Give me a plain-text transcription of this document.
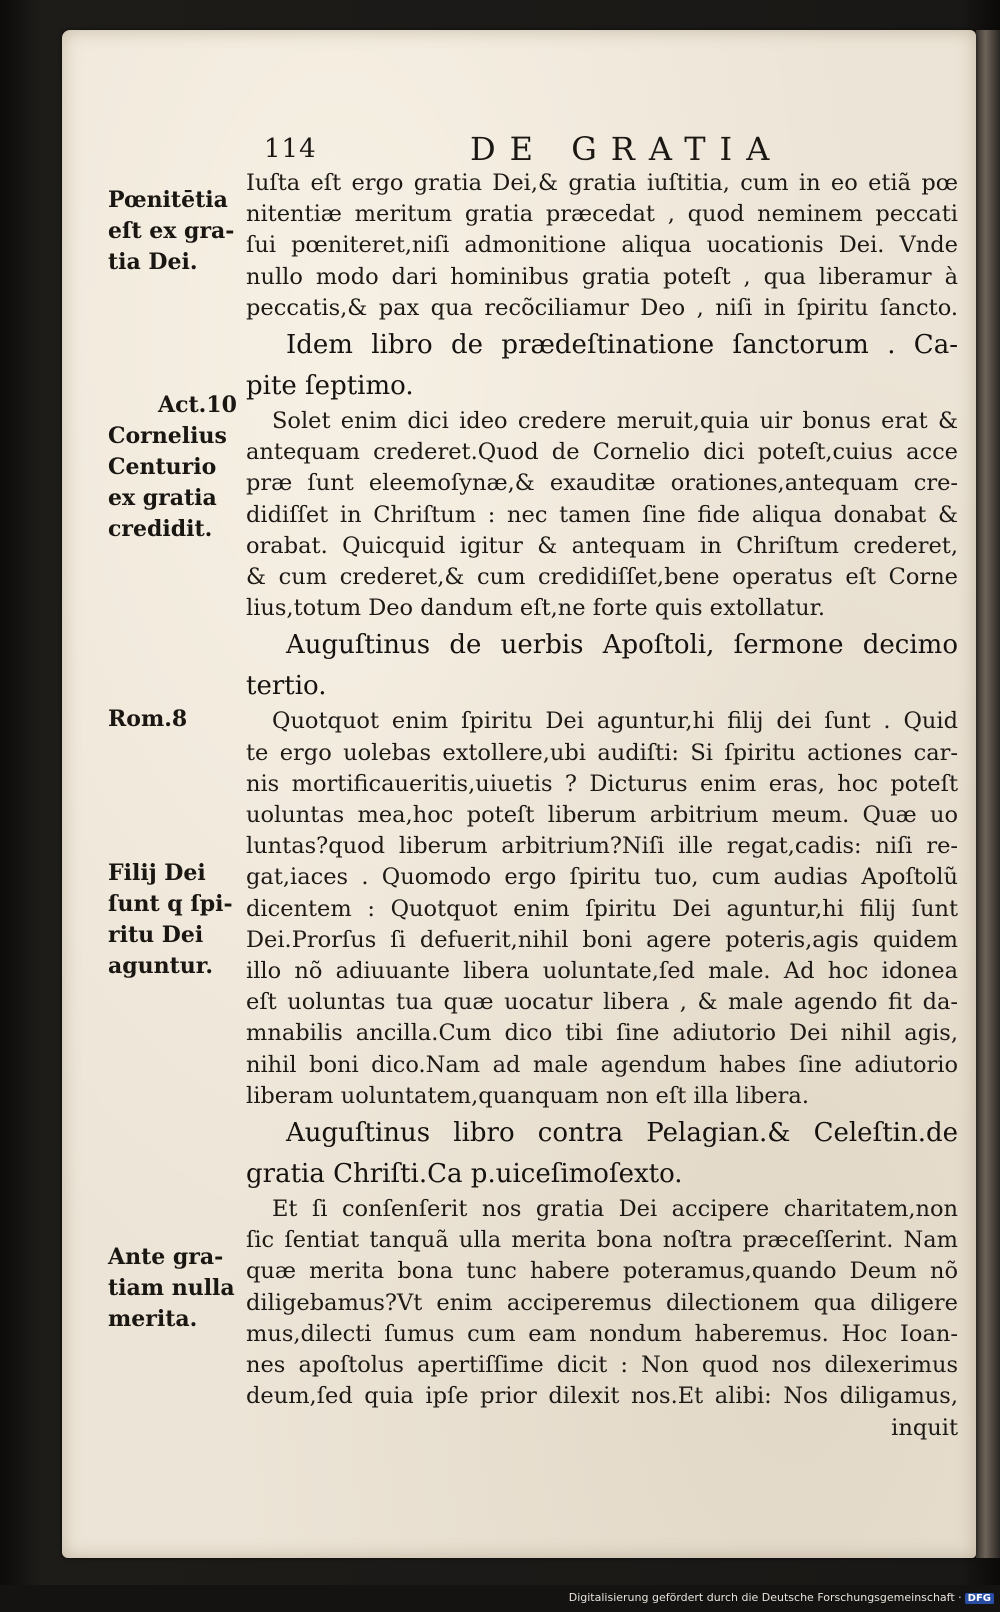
114	DE GRATIA
Pœnitētia
eſt ex gra-
tia Dei.
Act.10
Cornelius
Centurio
ex gratia
credidit.
Rom.8
Filij Dei
ſunt q ſpi-
ritu Dei
aguntur.
Ante gra-
tiam nulla
merita.
Iuſta eſt ergo gratia Dei,& gratia iuſtitia, cum in eo etiã pœ
nitentiæ meritum gratia præcedat , quod neminem peccati
ſui pœniteret,niſi admonitione aliqua uocationis Dei. Vnde
nullo modo dari hominibus gratia poteſt , qua liberamur à
peccatis,& pax qua recõciliamur Deo , niſi in ſpiritu ſancto.
Idem libro de prædeſtinatione ſanctorum . Ca-
pite ſeptimo.
Solet enim dici ideo credere meruit,quia uir bonus erat &
antequam crederet.Quod de Cornelio dici poteſt,cuius acce
præ ſunt eleemoſynæ,& exauditæ orationes,antequam cre-
didiſſet in Chriſtum : nec tamen ſine fide aliqua donabat &
orabat. Quicquid igitur & antequam in Chriſtum crederet,
& cum crederet,& cum credidiſſet,bene operatus eſt Corne
lius,totum Deo dandum eſt,ne forte quis extollatur.
Auguſtinus de uerbis Apoſtoli, ſermone decimo
tertio.
Quotquot enim ſpiritu Dei aguntur,hi filij dei ſunt . Quid
te ergo uolebas extollere,ubi audiſti: Si ſpiritu actiones car-
nis mortificaueritis,uiuetis ? Dicturus enim eras, hoc poteſt
uoluntas mea,hoc poteſt liberum arbitrium meum. Quæ uo
luntas?quod liberum arbitrium?Niſi ille regat,cadis: niſi re-
gat,iaces . Quomodo ergo ſpiritu tuo, cum audias Apoſtolũ
dicentem : Quotquot enim ſpiritu Dei aguntur,hi filij ſunt
Dei.Prorſus ſi defuerit,nihil boni agere poteris,agis quidem
illo nõ adiuuante libera uoluntate,ſed male. Ad hoc idonea
eſt uoluntas tua quæ uocatur libera , & male agendo fit da-
mnabilis ancilla.Cum dico tibi ſine adiutorio Dei nihil agis,
nihil boni dico.Nam ad male agendum habes ſine adiutorio
liberam uoluntatem,quanquam non eſt illa libera.
Auguſtinus libro contra Pelagian.& Celeſtin.de
gratia Chriſti.Ca p.uiceſimoſexto.
Et ſi conſenſerit nos gratia Dei accipere charitatem,non
ſic ſentiat tanquã ulla merita bona noſtra præceſſerint. Nam
quæ merita bona tunc habere poteramus,quando Deum nõ
diligebamus?Vt enim acciperemus dilectionem qua diligere
mus,dilecti ſumus cum eam nondum haberemus. Hoc Ioan-
nes apoſtolus apertiſſime dicit : Non quod nos dilexerimus
deum,ſed quia ipſe prior dilexit nos.Et alibi: Nos diligamus,
inquit
Digitalisierung gefördert durch die Deutsche Forschungsgemeinschaft · DFG
